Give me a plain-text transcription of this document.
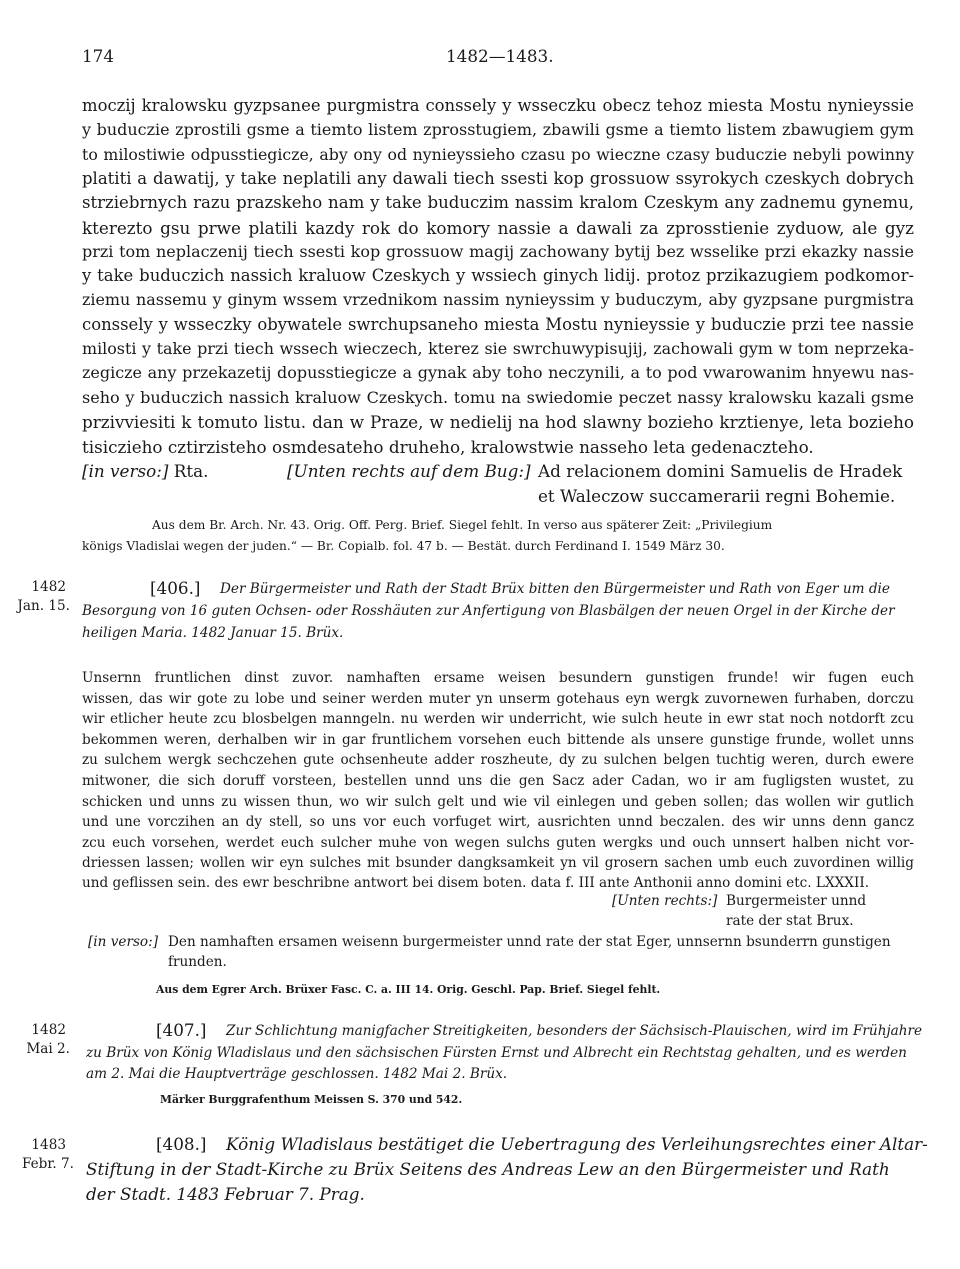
174	1482—1483.
moczij kralowsku gyzpsanee purgmistra conssely y wsseczku obecz tehoz miesta Mostu nynieyssie
y buduczie zprostili gsme a tiemto listem zprosstugiem, zbawili gsme a tiemto listem zbawugiem gym
to milostiwie odpusstiegicze, aby ony od nynieyssieho czasu po wieczne czasy buduczie nebyli powinny
platiti a dawatij, y take neplatili any dawali tiech ssesti kop grossuow ssyrokych czeskych dobrych
strziebrnych razu prazskeho nam y take buduczim nassim kralom Czeskym any zadnemu gynemu,
kterezto gsu prwe platili kazdy rok do komory nassie a dawali za zprosstienie zyduow, ale gyz
przi tom neplaczenij tiech ssesti kop grossuow magij zachowany bytij bez wsselike przi ekazky nassie
y take buduczich nassich kraluow Czeskych y wssiech ginych lidij. protoz przikazugiem podkomor-
ziemu nassemu y ginym wssem vrzednikom nassim nynieyssim y buduczym, aby gyzpsane purgmistra
conssely y wsseczky obywatele swrchupsaneho miesta Mostu nynieyssie y buduczie przi tee nassie
milosti y take przi tiech wssech wieczech, kterez sie swrchuwypisujij, zachowali gym w tom neprzeka-
zegicze any przekazetij dopusstiegicze a gynak aby toho neczynili, a to pod vwarowanim hnyewu nas-
seho y buduczich nassich kraluow Czeskych. tomu na swiedomie peczet nassy kralowsku kazali gsme
przivviesiti k tomuto listu. dan w Praze, w nedielij na hod slawny bozieho krztienye, leta bozieho
tisiczieho cztirzisteho osmdesateho druheho, kralowstwie nasseho leta gedenaczteho.
[in verso:] Rta.	[Unten rechts auf dem Bug:] Ad relacionem domini Samuelis de Hradek
et Waleczow succamerarii regni Bohemie.
Aus dem Br. Arch. Nr. 43. Orig. Off. Perg. Brief. Siegel fehlt. In verso aus späterer Zeit: „Privilegium
königs Vladislai wegen der juden.“ — Br. Copialb. fol. 47 b. — Bestät. durch Ferdinand I. 1549 März 30.
1482
Jan. 15.
[406.] Der Bürgermeister und Rath der Stadt Brüx bitten den Bürgermeister und Rath von Eger um die
Besorgung von 16 guten Ochsen- oder Rosshäuten zur Anfertigung von Blasbälgen der neuen Orgel in der Kirche der
heiligen Maria. 1482 Januar 15. Brüx.
Unsernn fruntlichen dinst zuvor. namhaften ersame weisen besundern gunstigen frunde! wir fugen euch
wissen, das wir gote zu lobe und seiner werden muter yn unserm gotehaus eyn wergk zuvornewen furhaben, dorczu
wir etlicher heute zcu blosbelgen manngeln. nu werden wir underricht, wie sulch heute in ewr stat noch notdorft zcu
bekommen weren, derhalben wir in gar fruntlichem vorsehen euch bittende als unsere gunstige frunde, wollet unns
zu sulchem wergk sechczehen gute ochsenheute adder roszheute, dy zu sulchen belgen tuchtig weren, durch ewere
mitwoner, die sich doruff vorsteen, bestellen unnd uns die gen Sacz ader Cadan, wo ir am fugligsten wustet, zu
schicken und unns zu wissen thun, wo wir sulch gelt und wie vil einlegen und geben sollen; das wollen wir gutlich
und une vorczihen an dy stell, so uns vor euch vorfuget wirt, ausrichten unnd beczalen. des wir unns denn gancz
zcu euch vorsehen, werdet euch sulcher muhe von wegen sulchs guten wergks und ouch unnsert halben nicht vor-
driessen lassen; wollen wir eyn sulches mit bsunder dangksamkeit yn vil grosern sachen umb euch zuvordinen willig
und geflissen sein. des ewr beschribne antwort bei disem boten. data f. III ante Anthonii anno domini etc. LXXXII.
[Unten rechts:] Burgermeister unnd
rate der stat Brux.
[in verso:] Den namhaften ersamen weisenn burgermeister unnd rate der stat Eger, unnsernn bsunderrn gunstigen
frunden.
Aus dem Egrer Arch. Brüxer Fasc. C. a. III 14. Orig. Geschl. Pap. Brief. Siegel fehlt.
1482
Mai 2.
[407.] Zur Schlichtung manigfacher Streitigkeiten, besonders der Sächsisch-Plauischen, wird im Frühjahre
zu Brüx von König Wladislaus und den sächsischen Fürsten Ernst und Albrecht ein Rechtstag gehalten, und es werden
am 2. Mai die Hauptverträge geschlossen. 1482 Mai 2. Brüx.
Märker Burggrafenthum Meissen S. 370 und 542.
1483
Febr. 7.
[408.] König Wladislaus bestätiget die Uebertragung des Verleihungsrechtes einer Altar-
Stiftung in der Stadt-Kirche zu Brüx Seitens des Andreas Lew an den Bürgermeister und Rath
der Stadt. 1483 Februar 7. Prag.
